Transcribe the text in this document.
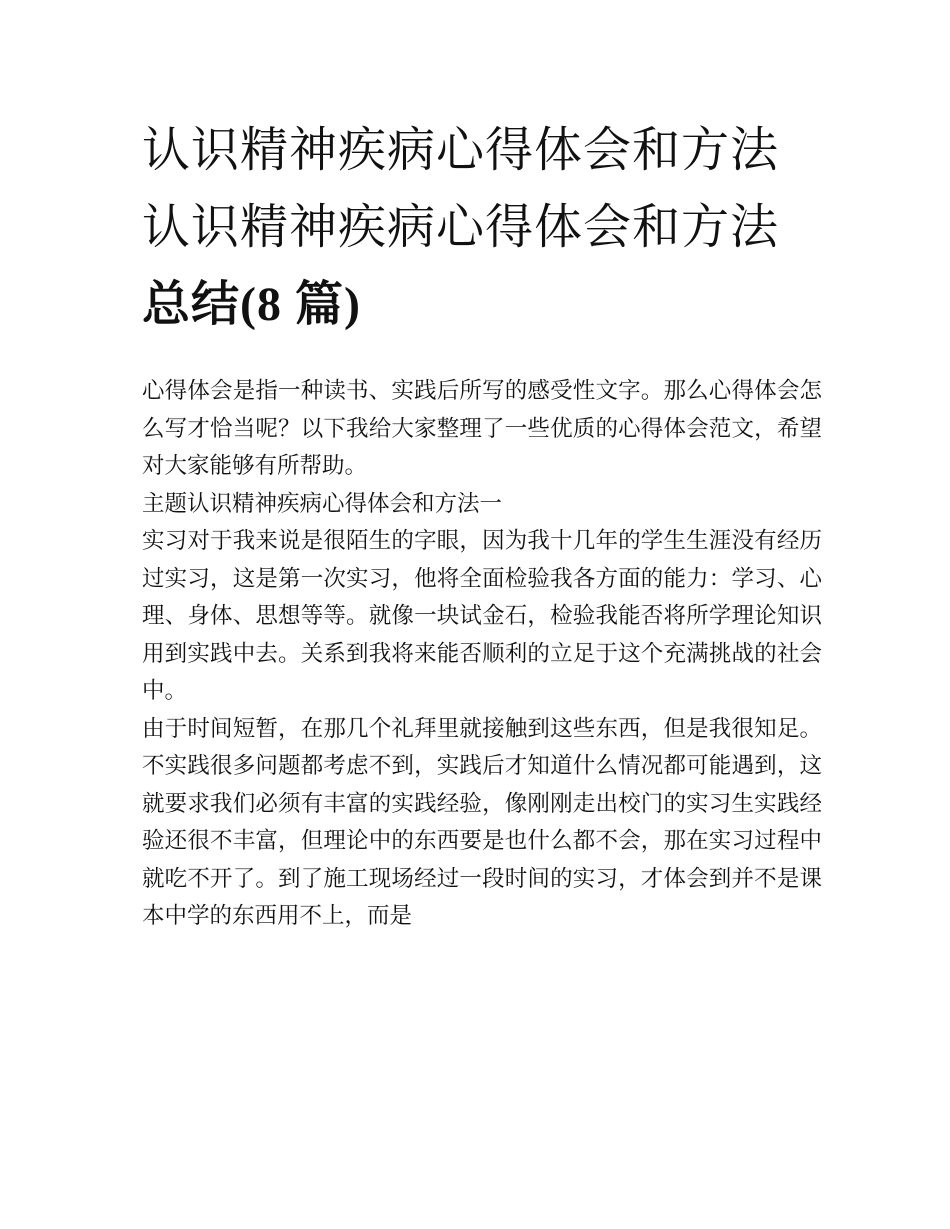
认识精神疾病心得体会和方法
认识精神疾病心得体会和方法
总结(8 篇)

心得体会是指一种读书、实践后所写的感受性文字。那么心得体会怎么写才恰当呢？以下我给大家整理了一些优质的心得体会范文，希望对大家能够有所帮助。

主题认识精神疾病心得体会和方法一

实习对于我来说是很陌生的字眼，因为我十几年的学生生涯没有经历过实习，这是第一次实习，他将全面检验我各方面的能力：学习、心理、身体、思想等等。就像一块试金石，检验我能否将所学理论知识用到实践中去。关系到我将来能否顺利的立足于这个充满挑战的社会中。

由于时间短暂，在那几个礼拜里就接触到这些东西，但是我很知足。不实践很多问题都考虑不到，实践后才知道什么情况都可能遇到，这就要求我们必须有丰富的实践经验，像刚刚走出校门的实习生实践经验还很不丰富，但理论中的东西要是也什么都不会，那在实习过程中就吃不开了。到了施工现场经过一段时间的实习，才体会到并不是课本中学的东西用不上，而是
